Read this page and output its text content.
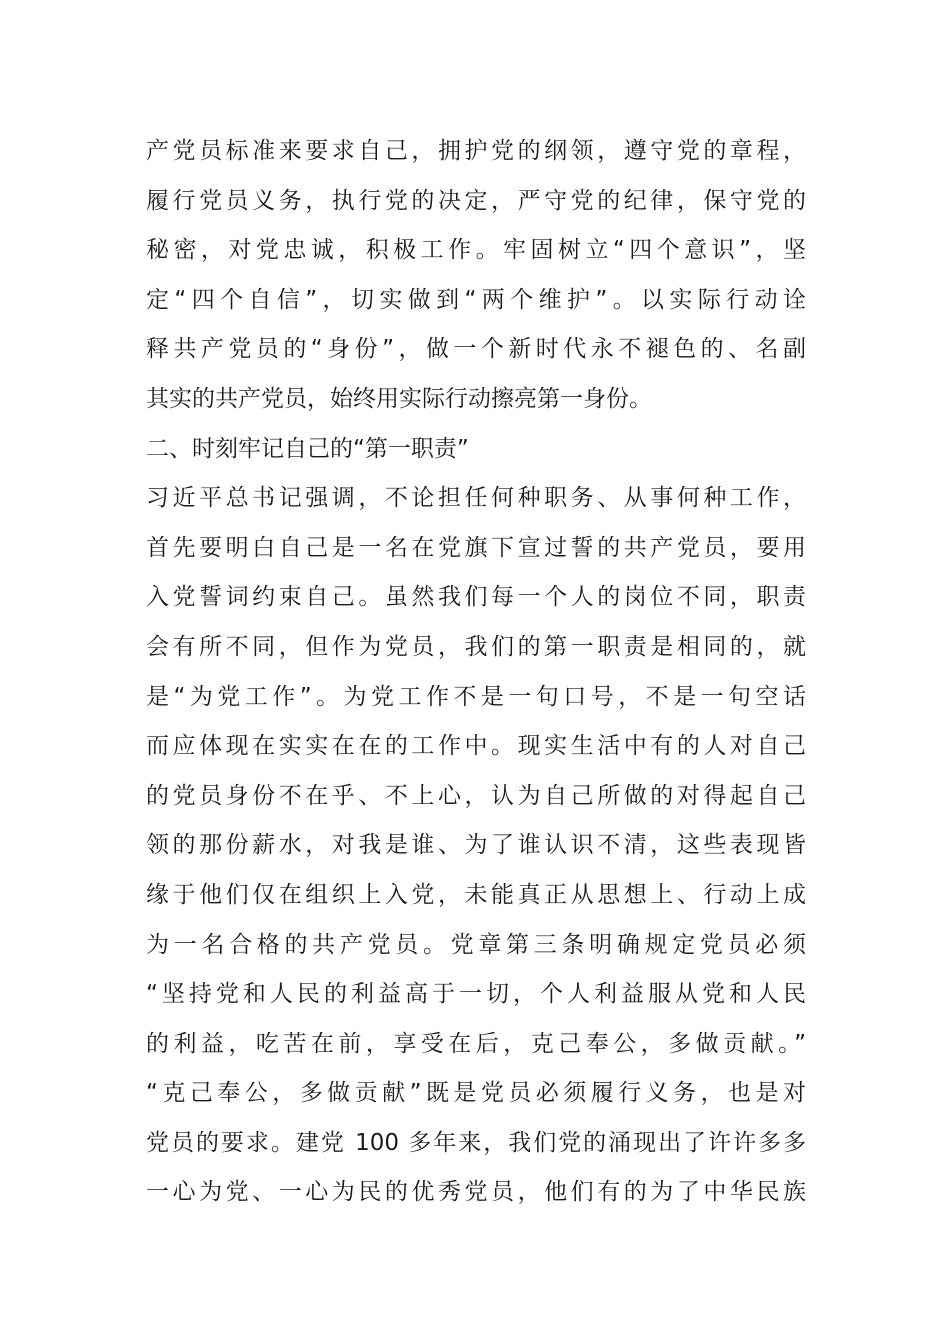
产党员标准来要求自己，拥护党的纲领，遵守党的章程，
履行党员义务，执行党的决定，严守党的纪律，保守党的
秘密，对党忠诚，积极工作。牢固树立“四个意识”，坚
定“四个自信”，切实做到“两个维护”。以实际行动诠
释共产党员的“身份”，做一个新时代永不褪色的、名副
其实的共产党员，始终用实际行动擦亮第一身份。
二、时刻牢记自己的“第一职责”
习近平总书记强调，不论担任何种职务、从事何种工作，
首先要明白自己是一名在党旗下宣过誓的共产党员，要用
入党誓词约束自己。虽然我们每一个人的岗位不同，职责
会有所不同，但作为党员，我们的第一职责是相同的，就
是“为党工作”。为党工作不是一句口号，不是一句空话
而应体现在实实在在的工作中。现实生活中有的人对自己
的党员身份不在乎、不上心，认为自己所做的对得起自己
领的那份薪水，对我是谁、为了谁认识不清，这些表现皆
缘于他们仅在组织上入党，未能真正从思想上、行动上成
为一名合格的共产党员。党章第三条明确规定党员必须
“坚持党和人民的利益高于一切，个人利益服从党和人民
的利益，吃苦在前，享受在后，克己奉公，多做贡献。”
“克己奉公，多做贡献”既是党员必须履行义务，也是对
党员的要求。建党 100 多年来，我们党的涌现出了许许多多
一心为党、一心为民的优秀党员，他们有的为了中华民族
